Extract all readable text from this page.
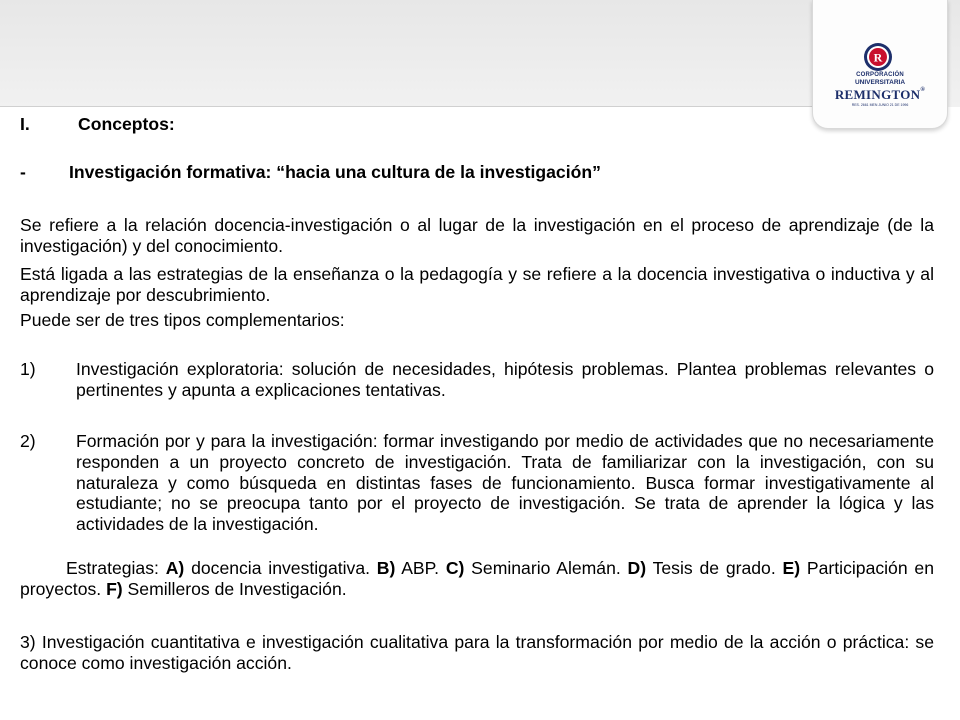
R
CORPORACIÓN
UNIVERSITARIA
REMINGTON®
RES. 2661 MEN JUNIO 21 DE 1996
I.	Conceptos:
- Investigación formativa: “hacia una cultura de la investigación”
Se refiere a la relación docencia-investigación o al lugar de la investigación en el proceso de aprendizaje (de la investigación) y del conocimiento.
Está ligada a las estrategias de la enseñanza o la pedagogía y se refiere a la docencia investigativa o inductiva y al aprendizaje por descubrimiento.
Puede ser de tres tipos complementarios:
1) Investigación exploratoria: solución de necesidades, hipótesis problemas. Plantea problemas relevantes o pertinentes y apunta a explicaciones tentativas.
2) Formación por y para la investigación: formar investigando por medio de actividades que no necesariamente responden a un proyecto concreto de investigación. Trata de familiarizar con la investigación, con su naturaleza y como búsqueda en distintas fases de funcionamiento. Busca formar investigativamente al estudiante; no se preocupa tanto por el proyecto de investigación. Se trata de aprender la lógica y las actividades de la investigación.
Estrategias: A) docencia investigativa. B) ABP. C) Seminario Alemán. D) Tesis de grado. E) Participación en proyectos. F) Semilleros de Investigación.
3) Investigación cuantitativa e investigación cualitativa para la transformación por medio de la acción o práctica: se conoce como investigación acción.
